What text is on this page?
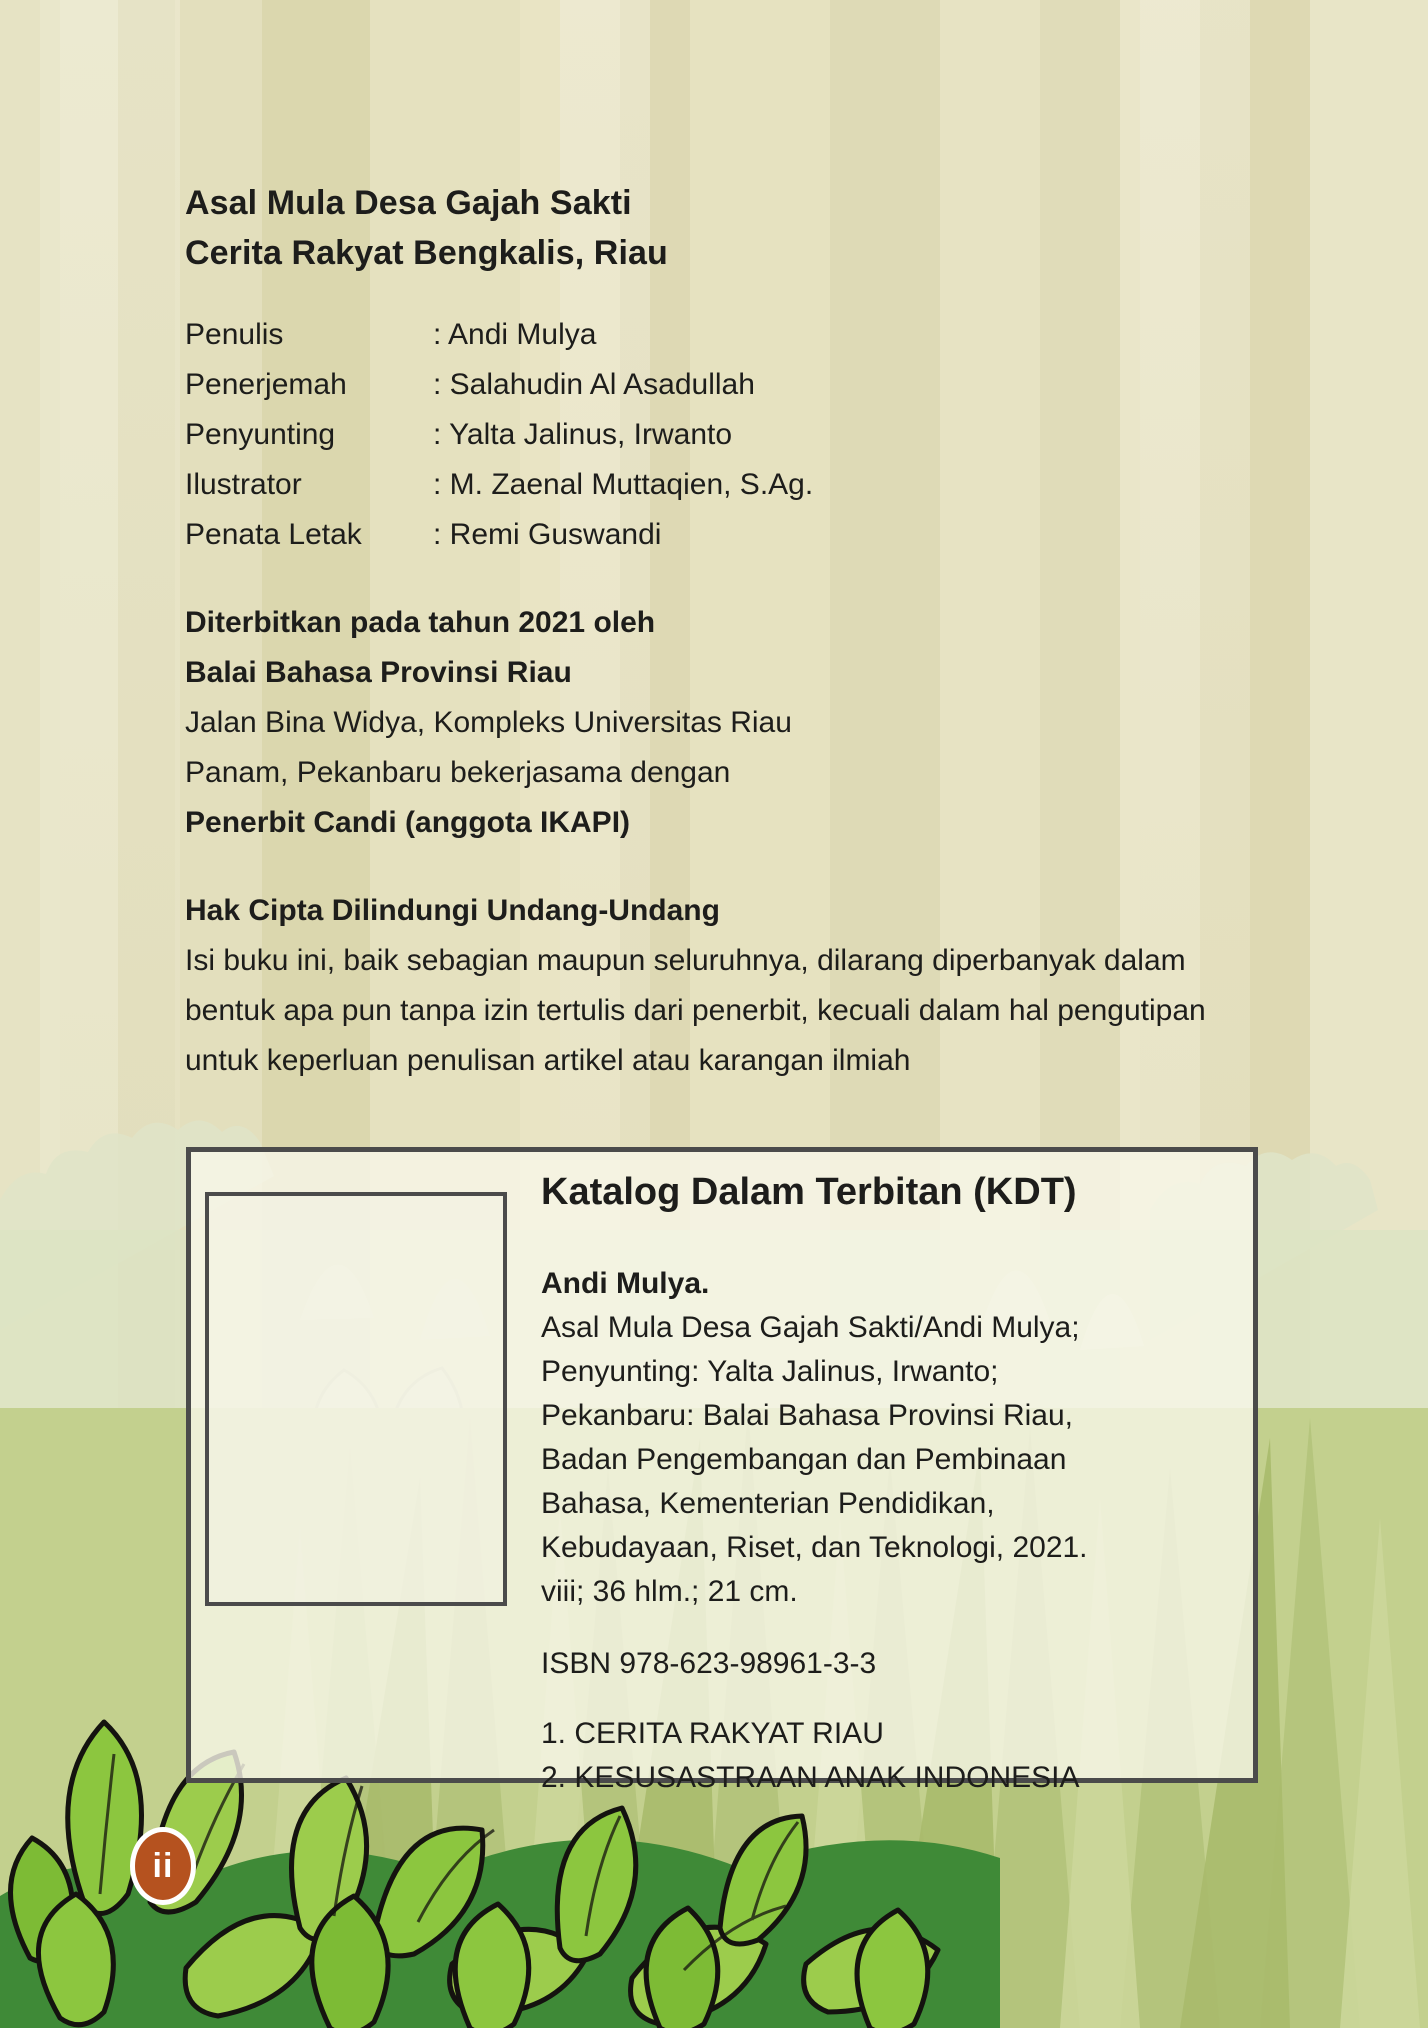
Asal Mula Desa Gajah Sakti
Cerita Rakyat Bengkalis, Riau
Penulis	: Andi Mulya
Penerjemah	: Salahudin Al Asadullah
Penyunting	: Yalta Jalinus, Irwanto
Ilustrator	: M. Zaenal Muttaqien, S.Ag.
Penata Letak	: Remi Guswandi
Diterbitkan pada tahun 2021 oleh
Balai Bahasa Provinsi Riau
Jalan Bina Widya, Kompleks Universitas Riau
Panam, Pekanbaru bekerjasama dengan
Penerbit Candi (anggota IKAPI)
Hak Cipta Dilindungi Undang-Undang
Isi buku ini, baik sebagian maupun seluruhnya, dilarang diperbanyak dalam bentuk apa pun tanpa izin tertulis dari penerbit, kecuali dalam hal pengutipan untuk keperluan penulisan artikel atau karangan ilmiah
Katalog Dalam Terbitan (KDT)
Andi Mulya.
Asal Mula Desa Gajah Sakti/Andi Mulya;
Penyunting: Yalta Jalinus, Irwanto;
Pekanbaru: Balai Bahasa Provinsi Riau,
Badan Pengembangan dan Pembinaan
Bahasa, Kementerian Pendidikan,
Kebudayaan, Riset, dan Teknologi, 2021.
viii; 36 hlm.; 21 cm.
ISBN 978-623-98961-3-3
1. CERITA RAKYAT RIAU
2. KESUSASTRAAN ANAK INDONESIA
ii
